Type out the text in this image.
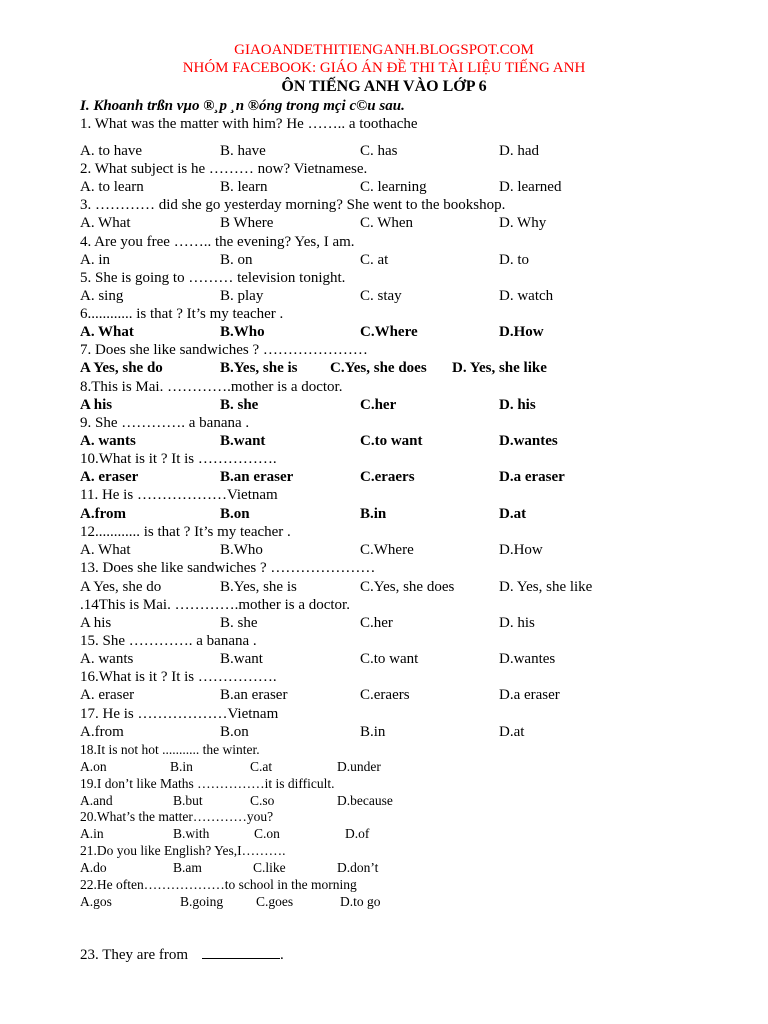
GIAOANDETHITIENGANH.BLOGSPOT.COM
NHÓM FACEBOOK: GIÁO ÁN ĐỀ THI TÀI LIỆU TIẾNG ANH
ÔN TIẾNG ANH VÀO LỚP 6
I. Khoanh trßn vµo ®¸p ¸n ®óng trong mçi c©u sau.
1. What was the matter with him? He …….. a toothache
A. to have	B. have	C. has	D. had
2. What subject is he ……… now? Vietnamese.
A. to learn	B. learn	C. learning	D. learned
3. ………… did she go yesterday morning? She went to the bookshop.
A. What	B Where	C. When	D. Why
4. Are you free …….. the evening? Yes, I am.
A. in	B. on	C. at	D. to
5. She is going to ……… television tonight.
A. sing	B. play	C. stay	D. watch
6............ is that ? It’s my teacher .
A. What	B.Who	C.Where	D.How
7. Does she like sandwiches ? …………………
A Yes, she do	B.Yes, she is C.Yes, she does D. Yes, she like
8.This is Mai. ………….mother is a doctor.
A his	B. she	C.her	D. his
9. She …………. a banana .
A. wants	B.want	C.to want	D.wantes
10.What is it ? It is …………….
A. eraser	B.an eraser	C.eraers	D.a eraser
11. He is ………………Vietnam
A.from	B.on	B.in	D.at
12............ is that ? It’s my teacher .
A. What	B.Who	C.Where	D.How
13. Does she like sandwiches ? …………………
A Yes, she do	B.Yes, she is	C.Yes, she does	D. Yes, she like
.14This is Mai. ………….mother is a doctor.
A his	B. she	C.her	D. his
15. She …………. a banana .
A. wants	B.want	C.to want	D.wantes
16.What is it ? It is …………….
A. eraser	B.an eraser	C.eraers	D.a eraser
17. He is ………………Vietnam
A.from	B.on	B.in	D.at
18.It is not hot ........... the winter.
A.on	B.in	C.at	D.under
19.I don’t like Maths ……………it is difficult.
A.and	B.but	C.so	D.because
20.What’s the matter…………you?
A.in	B.with	C.on	D.of
21.Do you like English? Yes,I……….
A.do	B.am	C.like	D.don’t
22.He often………………to school in the morning
A.gos	B.going C.goes	D.to go
23. They are from	.
